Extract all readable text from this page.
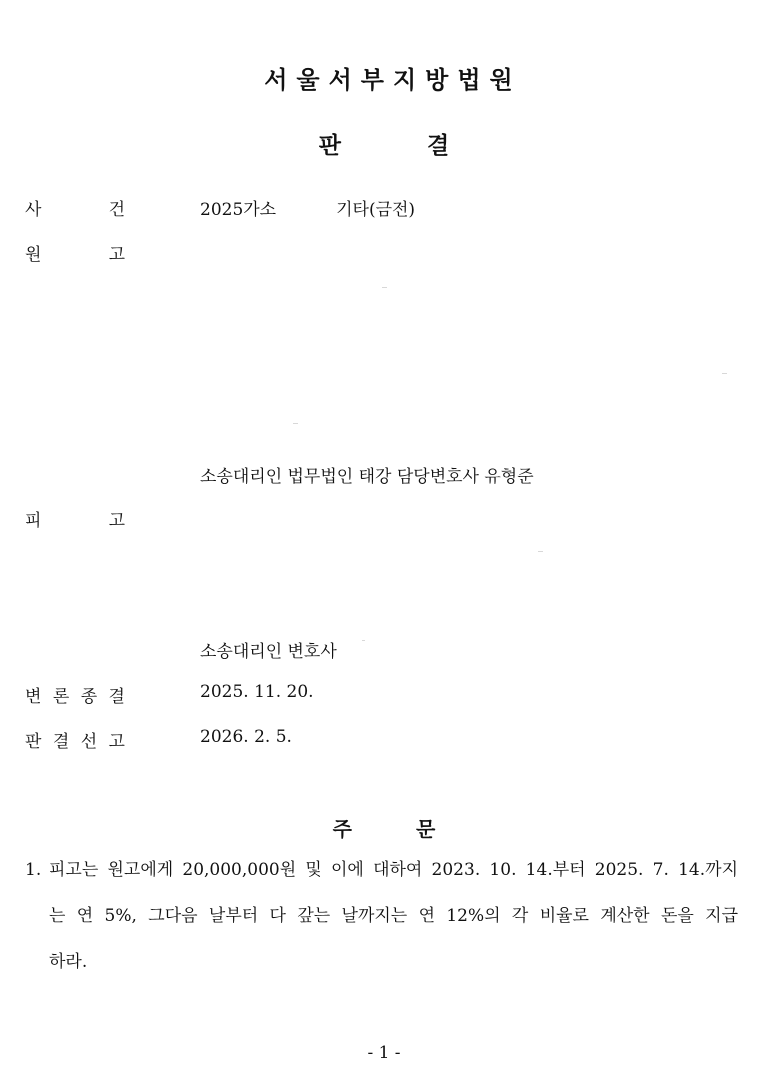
서울서부지방법원
판	결
사	건	2025가소	기타(금전)
원	고
소송대리인 법무법인 태강 담당변호사 유형준
피	고
소송대리인 변호사
변 론 종 결	2025. 11. 20.
판 결 선 고	2026. 2. 5.
주	문
1. 피고는 원고에게 20,000,000원 및 이에 대하여 2023. 10. 14.부터 2025. 7. 14.까지
는 연 5%, 그다음 날부터 다 갚는 날까지는 연 12%의 각 비율로 계산한 돈을 지급
하라.
- 1 -
